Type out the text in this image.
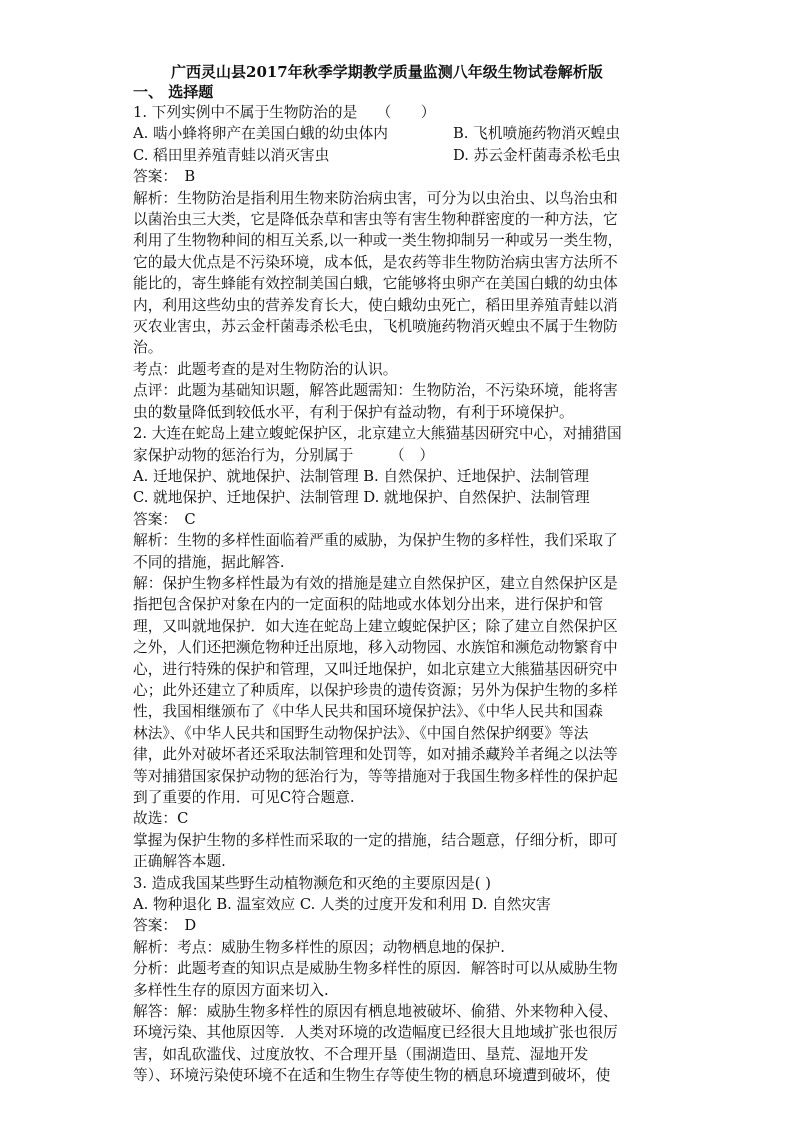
广西灵山县2017年秋季学期教学质量监测八年级生物试卷解析版
一、 选择题
1. 下列实例中不属于生物防治的是　 （　　）
A. 啮小蜂将卵产在美国白蛾的幼虫体内	B. 飞机喷施药物消灭蝗虫
C. 稻田里养殖青蛙以消灭害虫	D. 苏云金杆菌毒杀松毛虫
答案：　B
解析：生物防治是指利用生物来防治病虫害，可分为以虫治虫、以鸟治虫和
以菌治虫三大类，它是降低杂草和害虫等有害生物种群密度的一种方法，它
利用了生物物种间的相互关系,以一种或一类生物抑制另一种或另一类生物，
它的最大优点是不污染环境，成本低，是农药等非生物防治病虫害方法所不
能比的，寄生蜂能有效控制美国白蛾，它能够将虫卵产在美国白蛾的幼虫体
内，利用这些幼虫的营养发育长大，使白蛾幼虫死亡，稻田里养殖青蛙以消
灭农业害虫，苏云金杆菌毒杀松毛虫，飞机喷施药物消灭蝗虫不属于生物防
治。
考点：此题考查的是对生物防治的认识。
点评：此题为基础知识题，解答此题需知：生物防治，不污染环境，能将害
虫的数量降低到较低水平，有利于保护有益动物，有利于环境保护。
2. 大连在蛇岛上建立蝮蛇保护区，北京建立大熊猫基因研究中心，对捕猎国
家保护动物的惩治行为，分别属于　　　（　）
A. 迁地保护、就地保护、法制管理 B. 自然保护、迁地保护、法制管理
C. 就地保护、迁地保护、法制管理 D. 就地保护、自然保护、法制管理
答案：　C
解析：生物的多样性面临着严重的威胁，为保护生物的多样性，我们采取了
不同的措施，据此解答.
解：保护生物多样性最为有效的措施是建立自然保护区，建立自然保护区是
指把包含保护对象在内的一定面积的陆地或水体划分出来，进行保护和管
理，又叫就地保护．如大连在蛇岛上建立蝮蛇保护区；除了建立自然保护区
之外，人们还把濒危物种迁出原地，移入动物园、水族馆和濒危动物繁育中
心，进行特殊的保护和管理，又叫迁地保护，如北京建立大熊猫基因研究中
心；此外还建立了种质库，以保护珍贵的遗传资源；另外为保护生物的多样
性，我国相继颁布了《中华人民共和国环境保护法》、《中华人民共和国森
林法》、《中华人民共和国野生动物保护法》、《中国自然保护纲要》等法
律，此外对破坏者还采取法制管理和处罚等，如对捕杀藏羚羊者绳之以法等
等对捕猎国家保护动物的惩治行为，等等措施对于我国生物多样性的保护起
到了重要的作用．可见C符合题意.
故选：C
掌握为保护生物的多样性而采取的一定的措施，结合题意，仔细分析，即可
正确解答本题.
3. 造成我国某些野生动植物濒危和灭绝的主要原因是( )
A. 物种退化 B. 温室效应 C. 人类的过度开发和利用 D. 自然灾害
答案：　D
解析：考点：威胁生物多样性的原因；动物栖息地的保护.
分析：此题考查的知识点是威胁生物多样性的原因．解答时可以从威胁生物
多样性生存的原因方面来切入.
解答：解：威胁生物多样性的原因有栖息地被破坏、偷猎、外来物种入侵、
环境污染、其他原因等．人类对环境的改造幅度已经很大且地域扩张也很厉
害，如乱砍滥伐、过度放牧、不合理开垦（围湖造田、垦荒、湿地开发
等）、环境污染使环境不在适和生物生存等使生物的栖息环境遭到破坏，使
